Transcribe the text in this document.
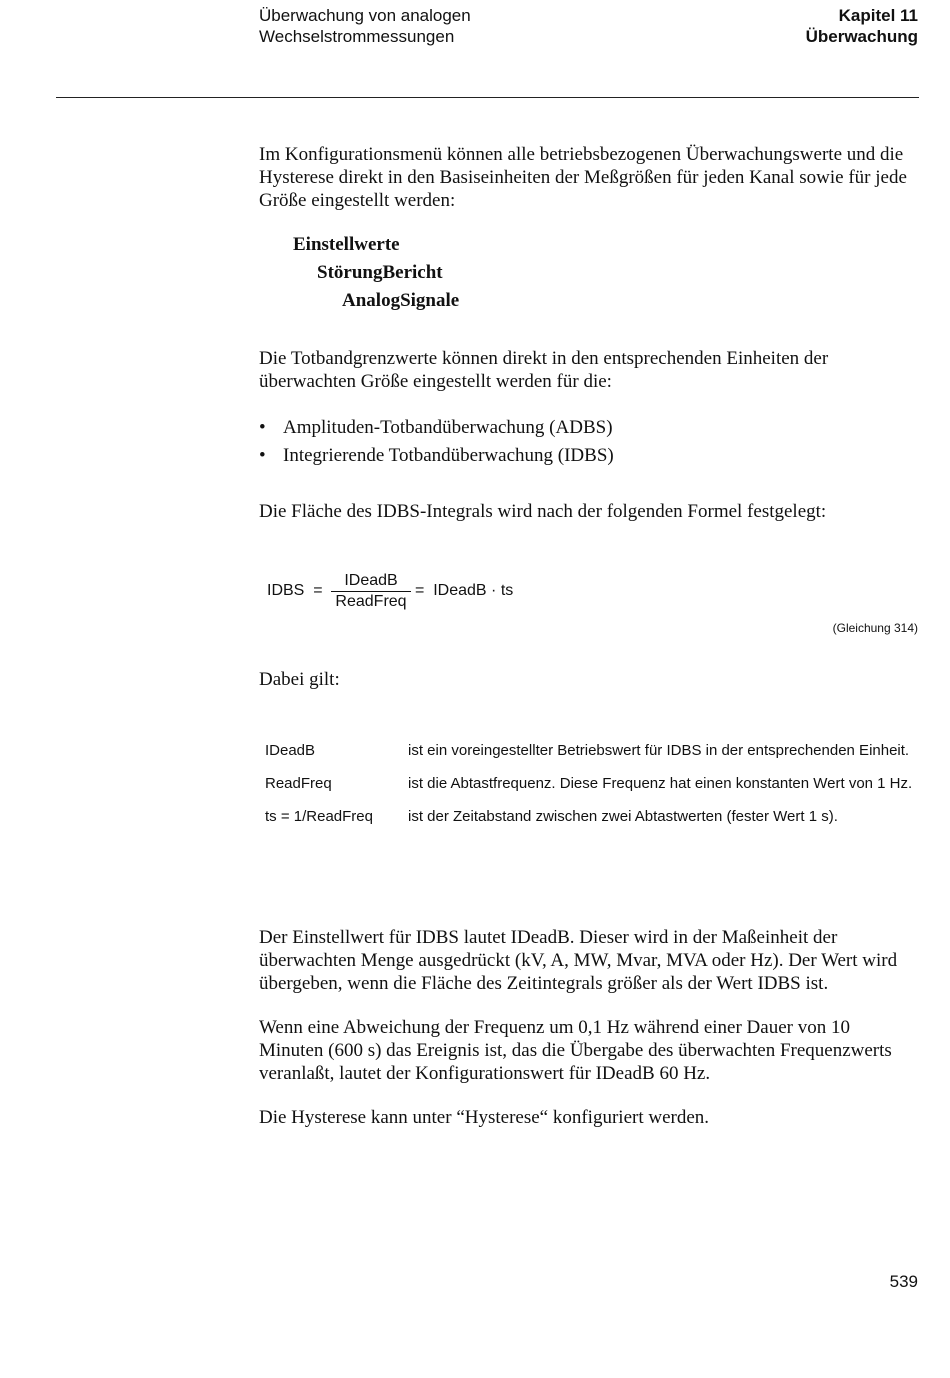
Überwachung von analogen
Wechselstrommessungen
Kapitel 11
Überwachung
Im Konfigurationsmenü können alle betriebsbezogenen Überwachungswerte und die Hysterese direkt in den Basiseinheiten der Meßgrößen für jeden Kanal sowie für jede Größe eingestellt werden:
Einstellwerte
StörungBericht
AnalogSignale
Die Totbandgrenzwerte können direkt in den entsprechenden Einheiten der überwachten Größe eingestellt werden für die:
• Amplituden-Totbandüberwachung (ADBS)
• Integrierende Totbandüberwachung (IDBS)
Die Fläche des IDBS-Integrals wird nach der folgenden Formel festgelegt:
IDBS  =
IDeadB
ReadFreq
=  IDeadB · ts
(Gleichung 314)
Dabei gilt:
IDeadB	ist ein voreingestellter Betriebswert für IDBS in der entsprechenden Einheit.
ReadFreq	ist die Abtastfrequenz. Diese Frequenz hat einen konstanten Wert von 1 Hz.
ts = 1/ReadFreq ist der Zeitabstand zwischen zwei Abtastwerten (fester Wert 1 s).
Der Einstellwert für IDBS lautet IDeadB. Dieser wird in der Maßeinheit der überwachten Menge ausgedrückt (kV, A, MW, Mvar, MVA oder Hz). Der Wert wird übergeben, wenn die Fläche des Zeitintegrals größer als der Wert IDBS ist.
Wenn eine Abweichung der Frequenz um 0,1 Hz während einer Dauer von 10 Minuten (600 s) das Ereignis ist, das die Übergabe des überwachten Frequenzwerts veranlaßt, lautet der Konfigurationswert für IDeadB 60 Hz.
Die Hysterese kann unter “Hysterese“ konfiguriert werden.
539
